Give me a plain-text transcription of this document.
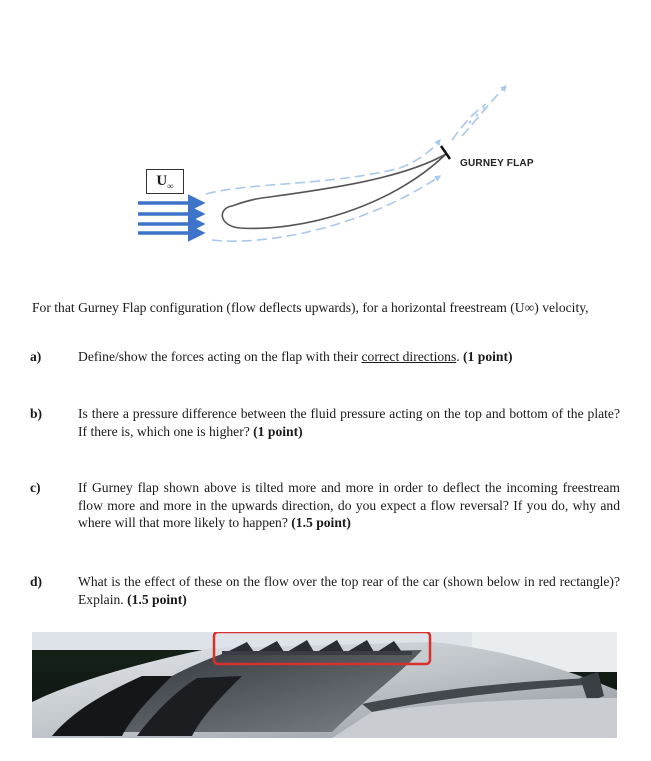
$U_\infty$
GURNEY FLAP
For that Gurney Flap configuration (flow deflects upwards), for a horizontal freestream (U∞) velocity,
a)	Define/show the forces acting on the flap with their correct directions. (1 point)
b)	Is there a pressure difference between the fluid pressure acting on the top and bottom of the plate? If there is, which one is higher? (1 point)
c)	If Gurney flap shown above is tilted more and more in order to deflect the incoming freestream flow more and more in the upwards direction, do you expect a flow reversal? If you do, why and where will that more likely to happen? (1.5 point)
d)	What is the effect of these on the flow over the top rear of the car (shown below in red rectangle)? Explain. (1.5 point)
